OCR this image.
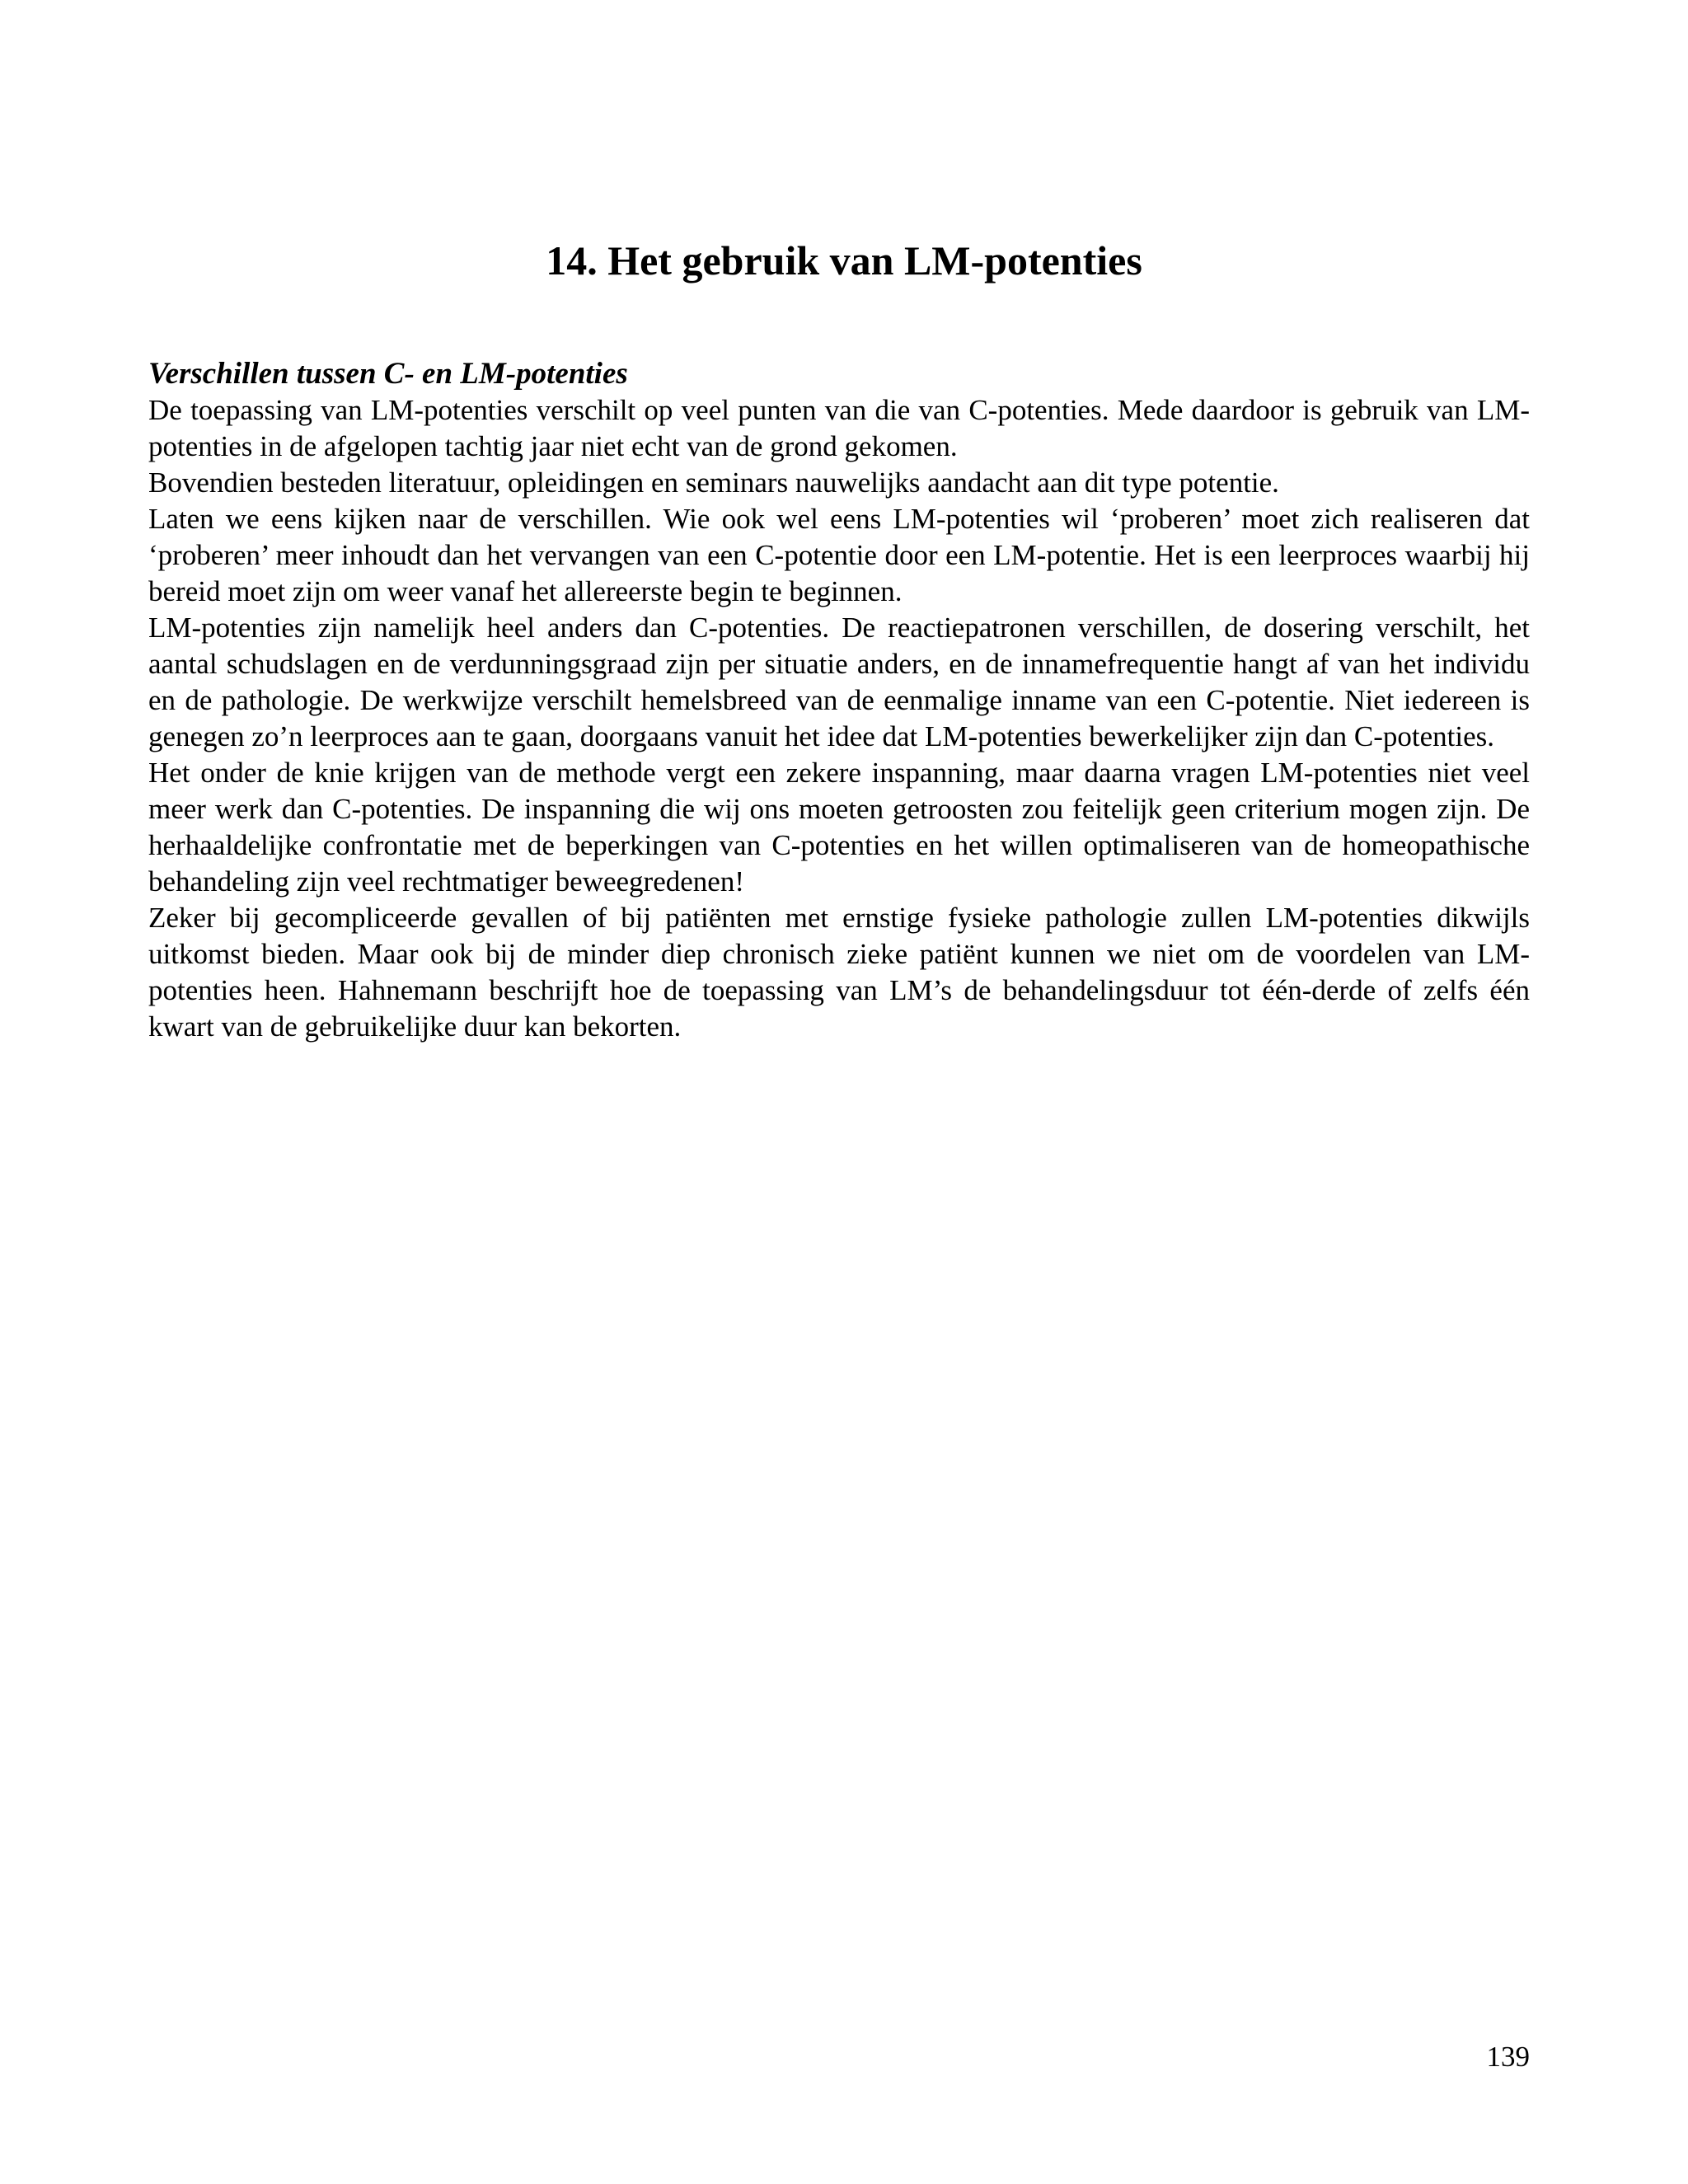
14. Het gebruik van LM-potenties
Verschillen tussen C- en LM-potenties

De toepassing van LM-potenties verschilt op veel punten van die van C-potenties. Mede daardoor is gebruik van LM-potenties in de afgelopen tachtig jaar niet echt van de grond gekomen.

Bovendien besteden literatuur, opleidingen en seminars nauwelijks aandacht aan dit type potentie.

Laten we eens kijken naar de verschillen. Wie ook wel eens LM-potenties wil ‘proberen’ moet zich realiseren dat ‘proberen’ meer inhoudt dan het vervangen van een C-potentie door een LM-potentie. Het is een leerproces waarbij hij bereid moet zijn om weer vanaf het allereerste begin te beginnen.

LM-potenties zijn namelijk heel anders dan C-potenties. De reactiepatronen verschillen, de dosering verschilt, het aantal schudslagen en de verdunningsgraad zijn per situatie anders, en de innamefrequentie hangt af van het individu en de pathologie. De werkwijze verschilt hemelsbreed van de eenmalige inname van een C-potentie. Niet iedereen is genegen zo’n leerproces aan te gaan, doorgaans vanuit het idee dat LM-potenties bewerkelijker zijn dan C-potenties.

Het onder de knie krijgen van de methode vergt een zekere inspanning, maar daarna vragen LM-potenties niet veel meer werk dan C-potenties. De inspanning die wij ons moeten getroosten zou feitelijk geen criterium mogen zijn. De herhaaldelijke confrontatie met de beperkingen van C-potenties en het willen optimaliseren van de homeopathische behandeling zijn veel rechtmatiger beweegredenen!

Zeker bij gecompliceerde gevallen of bij patiënten met ernstige fysieke pathologie zullen LM-potenties dikwijls uitkomst bieden. Maar ook bij de minder diep chronisch zieke patiënt kunnen we niet om de voordelen van LM-potenties heen. Hahnemann beschrijft hoe de toepassing van LM’s de behandelingsduur tot één-derde of zelfs één kwart van de gebruikelijke duur kan bekorten.

139
